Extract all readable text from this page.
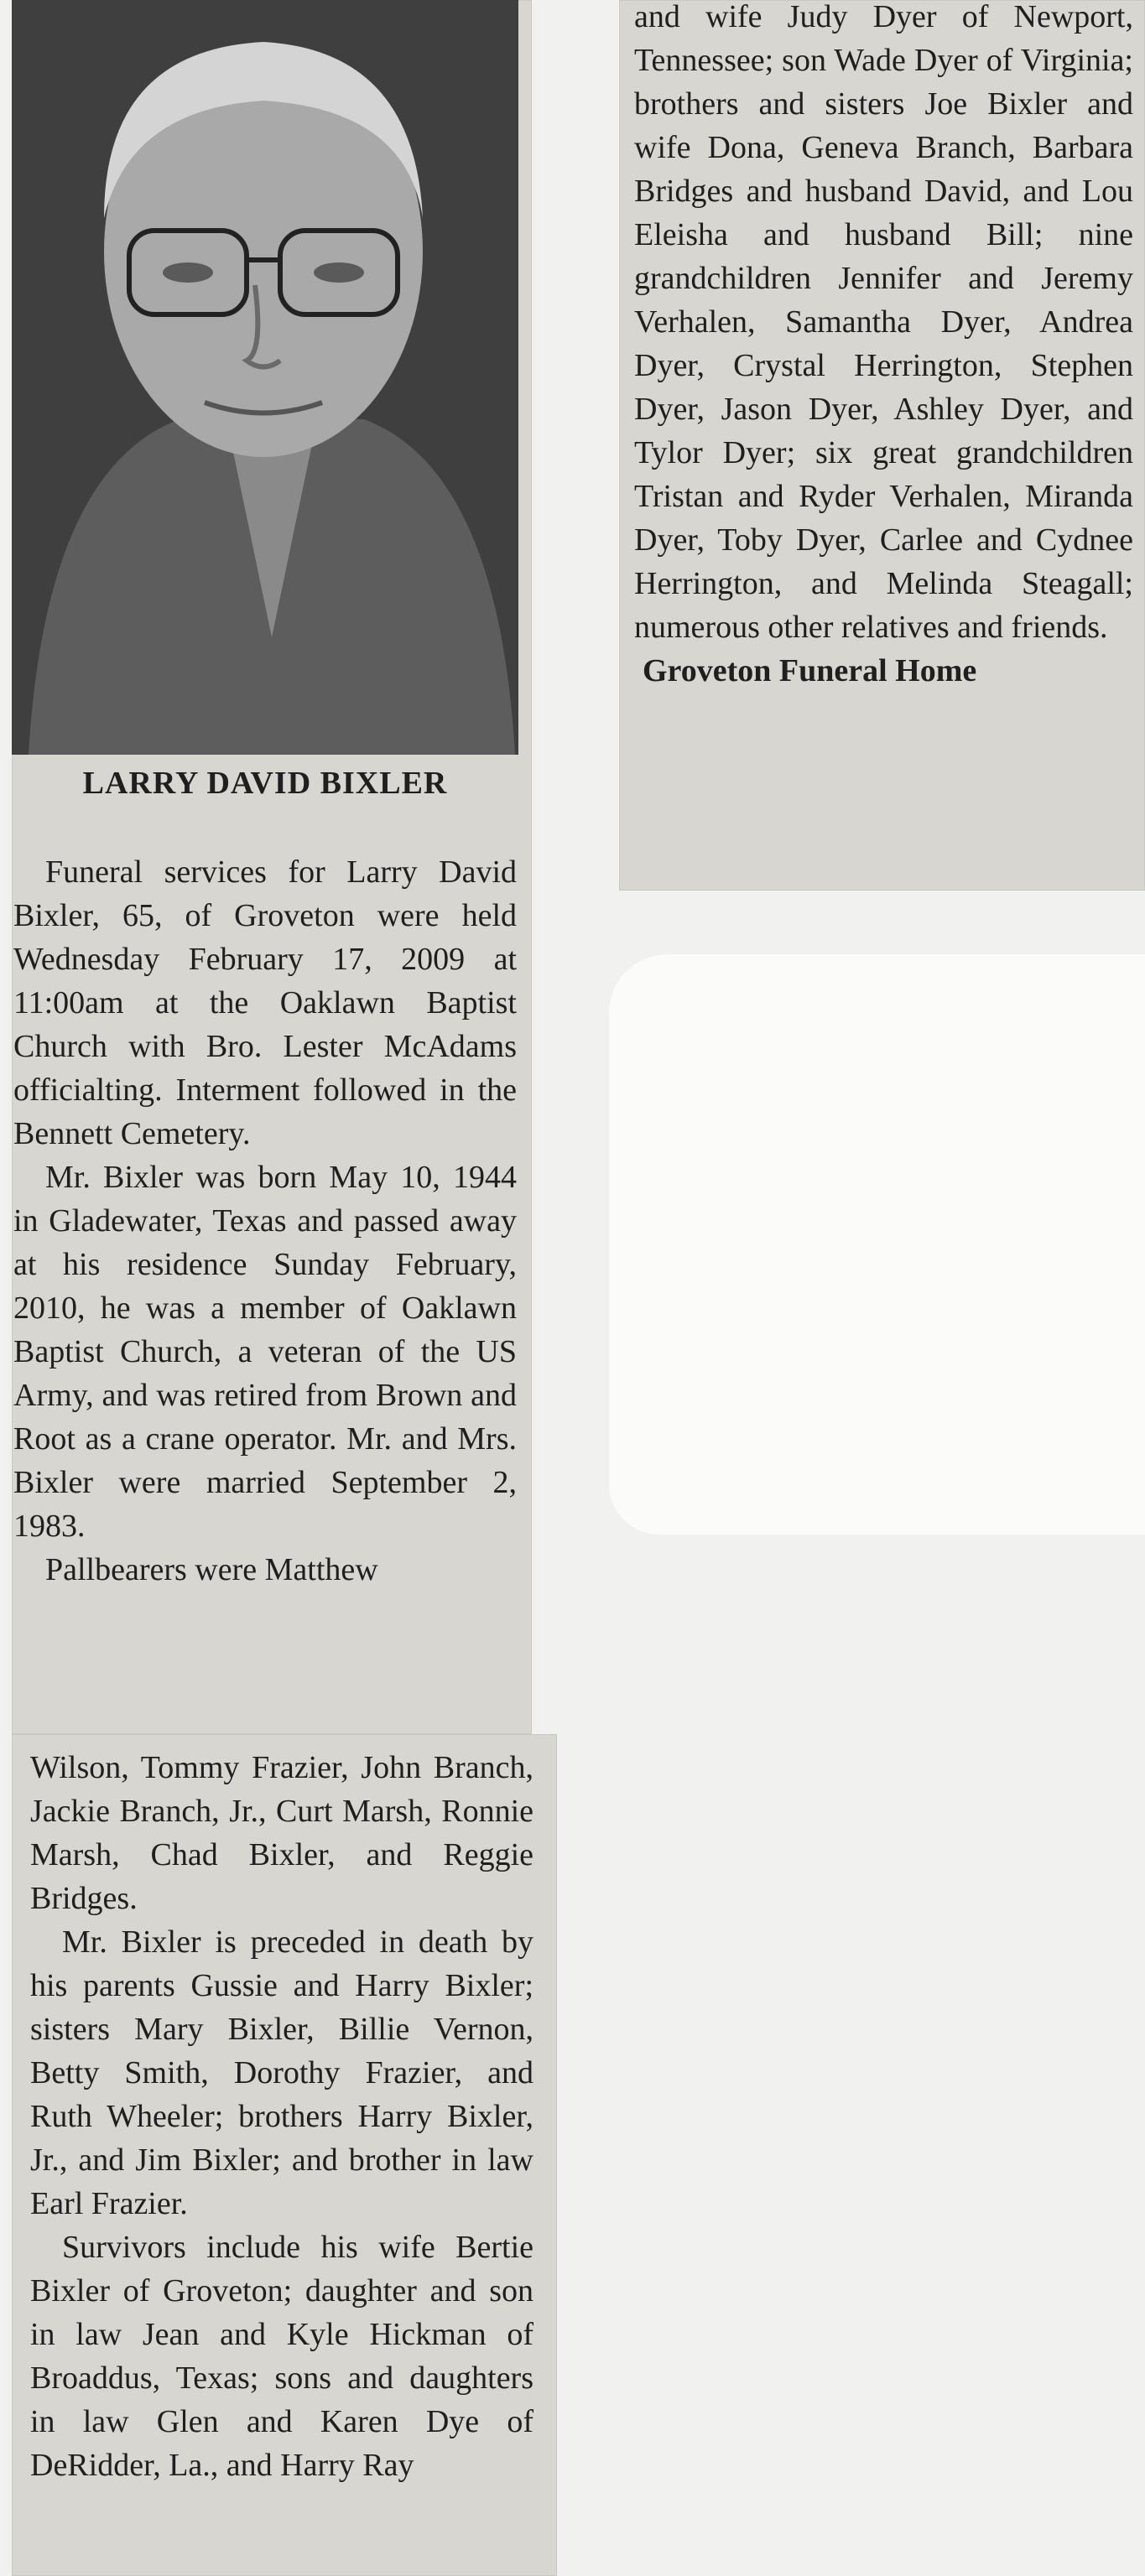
LARRY DAVID BIXLER

Funeral services for Larry David Bixler, 65, of Groveton were held Wednesday February 17, 2009 at 11:00am at the Oaklawn Baptist Church with Bro. Lester McAdams officialting. Interment followed in the Bennett Cemetery.

Mr. Bixler was born May 10, 1944 in Gladewater, Texas and passed away at his residence Sunday February, 2010, he was a member of Oaklawn Baptist Church, a veteran of the US Army, and was retired from Brown and Root as a crane operator. Mr. and Mrs. Bixler were married September 2, 1983.

Pallbearers were Matthew

Wilson, Tommy Frazier, John Branch, Jackie Branch, Jr., Curt Marsh, Ronnie Marsh, Chad Bixler, and Reggie Bridges.

Mr. Bixler is preceded in death by his parents Gussie and Harry Bixler; sisters Mary Bixler, Billie Vernon, Betty Smith, Dorothy Frazier, and Ruth Wheeler; brothers Harry Bixler, Jr., and Jim Bixler; and brother in law Earl Frazier.

Survivors include his wife Bertie Bixler of Groveton; daughter and son in law Jean and Kyle Hickman of Broaddus, Texas; sons and daughters in law Glen and Karen Dye of DeRidder, La., and Harry Ray

and wife Judy Dyer of Newport, Tennessee; son Wade Dyer of Virginia; brothers and sisters Joe Bixler and wife Dona, Geneva Branch, Barbara Bridges and husband David, and Lou Eleisha and husband Bill; nine grandchildren Jennifer and Jeremy Verhalen, Samantha Dyer, Andrea Dyer, Crystal Herrington, Stephen Dyer, Jason Dyer, Ashley Dyer, and Tylor Dyer; six great grandchildren Tristan and Ryder Verhalen, Miranda Dyer, Toby Dyer, Carlee and Cydnee Herrington, and Melinda Steagall; numerous other relatives and friends.

Groveton Funeral Home
